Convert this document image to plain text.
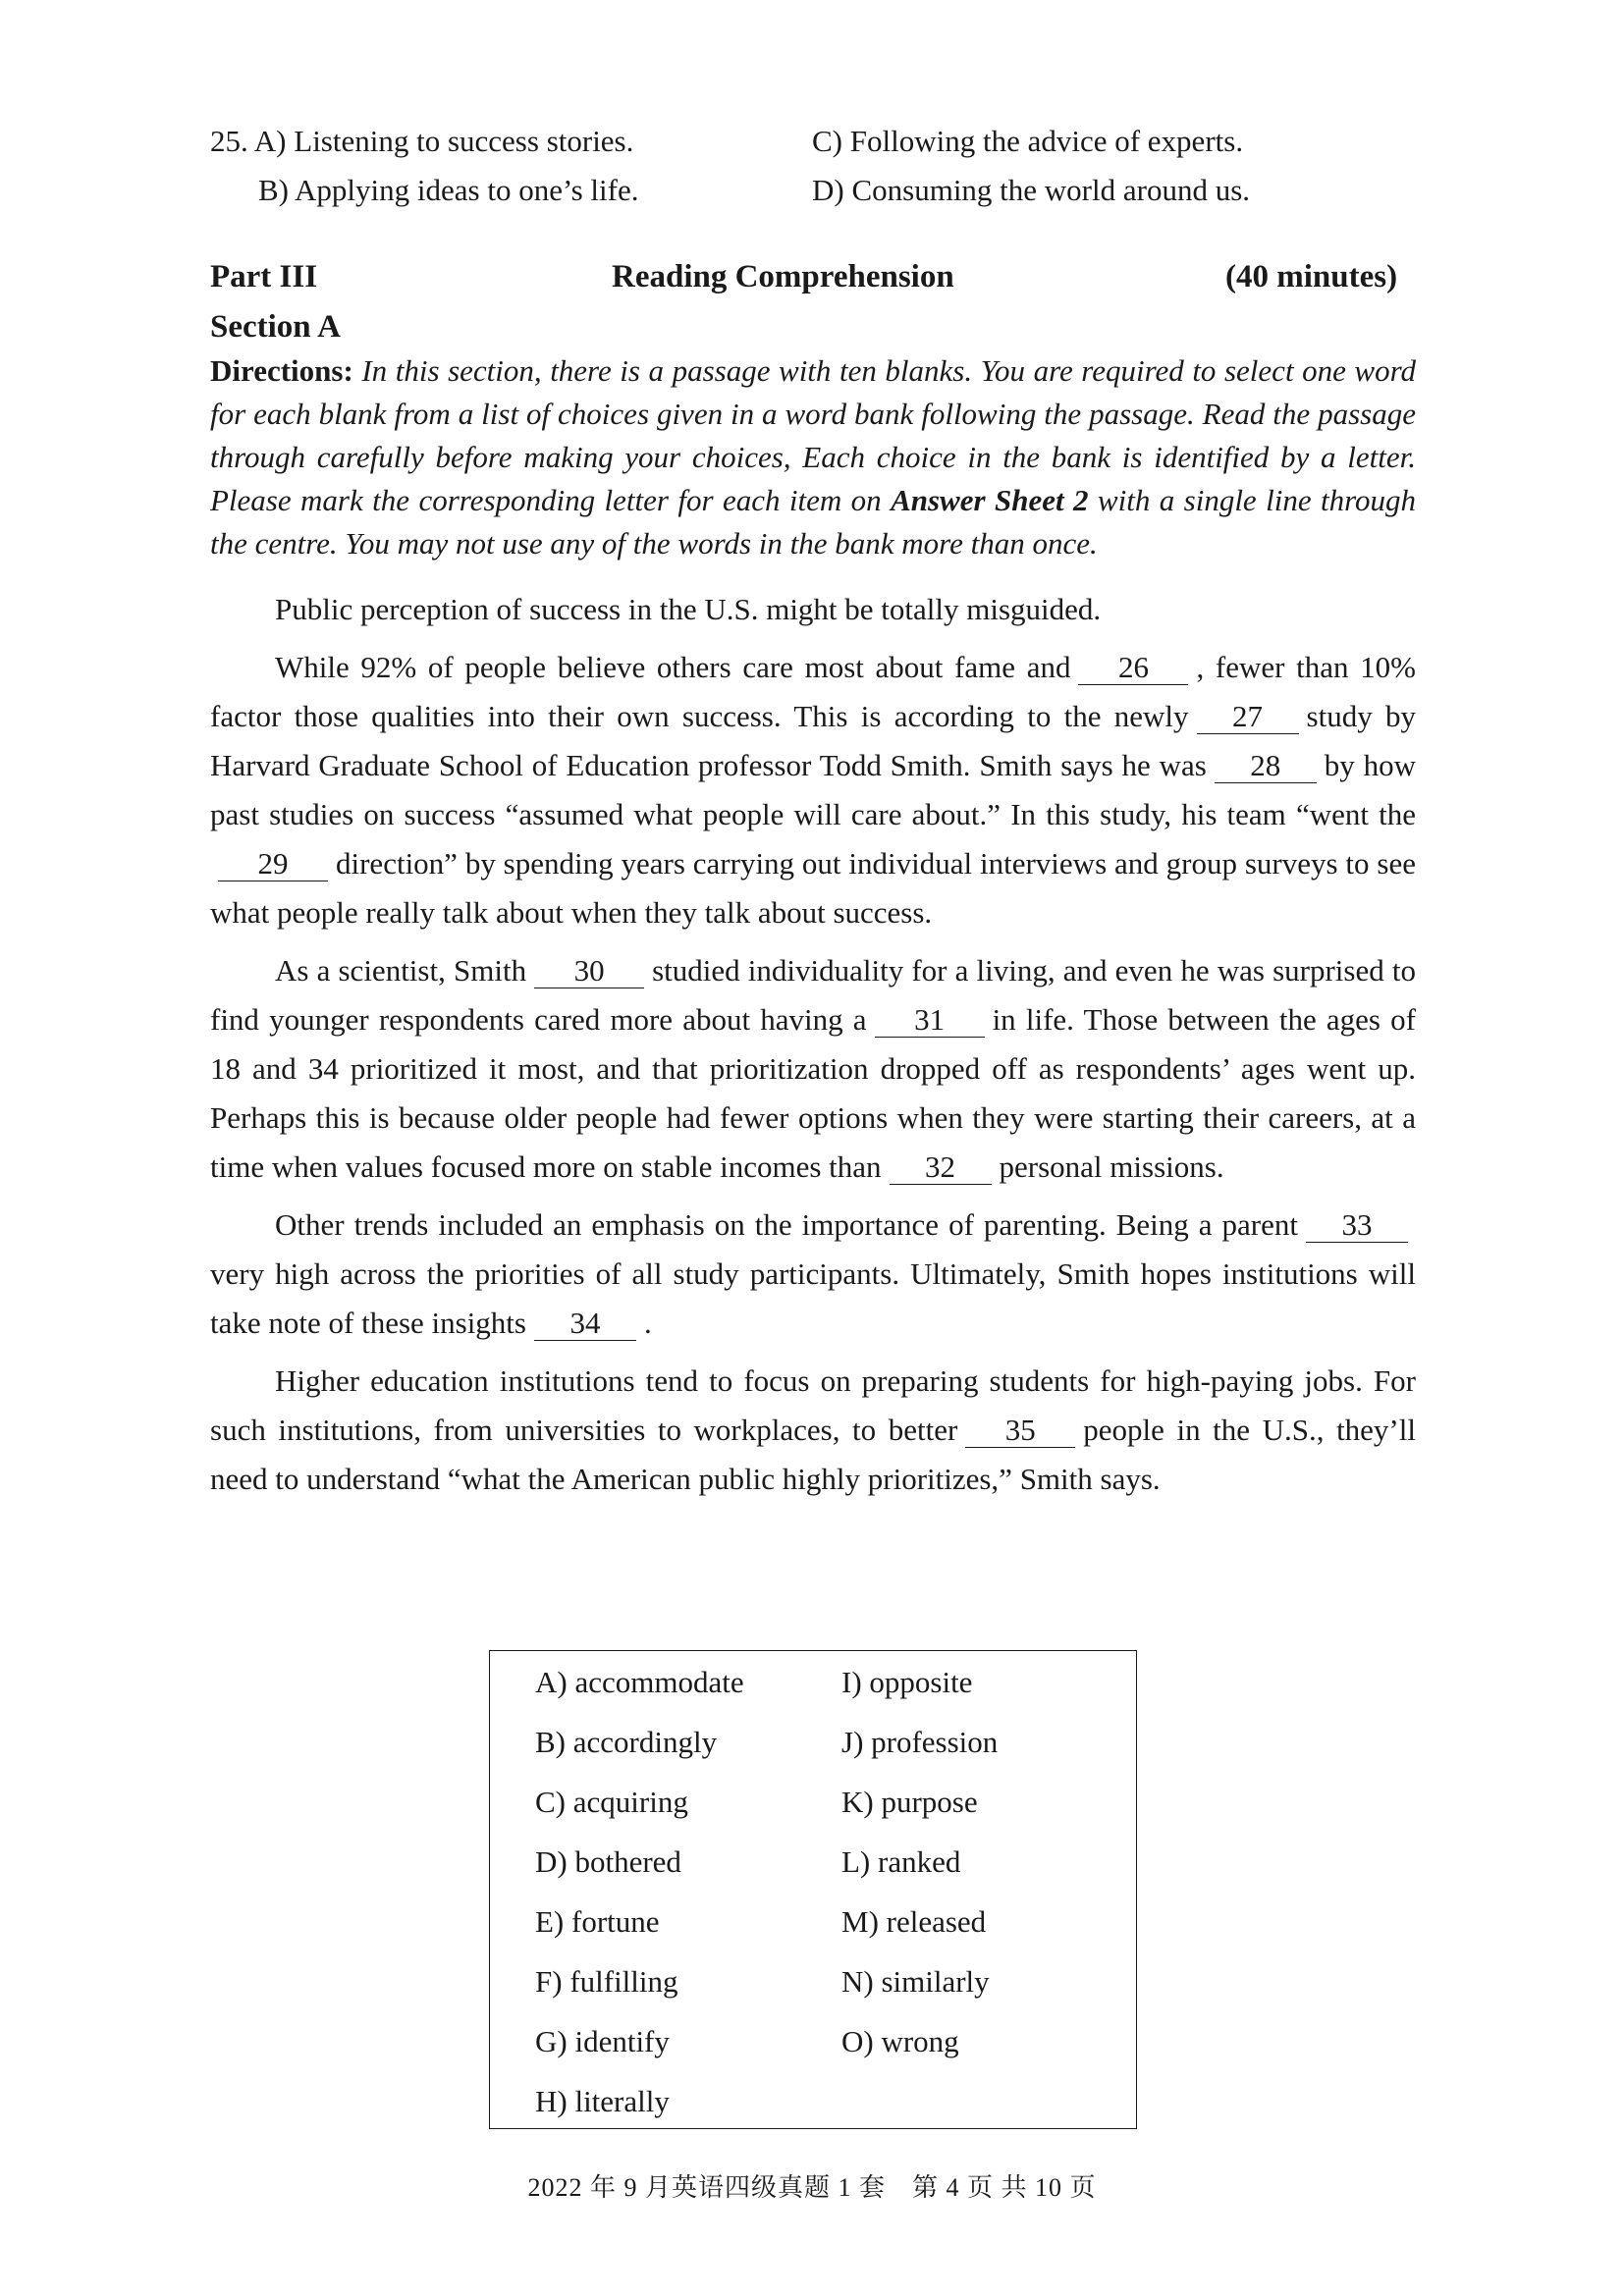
25. A) Listening to success stories.
B) Applying ideas to one’s life.
C) Following the advice of experts.
D) Consuming the world around us.
Part III	Reading Comprehension	(40 minutes)
Section A
Directions: In this section, there is a passage with ten blanks. You are required to select one word for each blank from a list of choices given in a word bank following the passage. Read the passage through carefully before making your choices, Each choice in the bank is identified by a letter. Please mark the corresponding letter for each item on Answer Sheet 2 with a single line through the centre. You may not use any of the words in the bank more than once.

Public perception of success in the U.S. might be totally misguided.

While 92% of people believe others care most about fame and 26 , fewer than 10% factor those qualities into their own success. This is according to the newly 27 study by Harvard Graduate School of Education professor Todd Smith. Smith says he was 28 by how past studies on success “assumed what people will care about.” In this study, his team “went the29 direction” by spending years carrying out individual interviews and group surveys to see what people really talk about when they talk about success.

As a scientist, Smith 30 studied individuality for a living, and even he was surprised to find younger respondents cared more about having a 31 in life. Those between the ages of 18 and 34 prioritized it most, and that prioritization dropped off as respondents’ ages went up. Perhaps this is because older people had fewer options when they were starting their careers, at a time when values focused more on stable incomes than 32 personal missions.

Other trends included an emphasis on the importance of parenting. Being a parent 33very high across the priorities of all study participants. Ultimately, Smith hopes institutions will take note of these insights 34 .

Higher education institutions tend to focus on preparing students for high-paying jobs. For such institutions, from universities to workplaces, to better 35 people in the U.S., they’ll need to understand “what the American public highly prioritizes,” Smith says.

A) accommodate
B) accordingly
C) acquiring
D) bothered
E) fortune
F) fulfilling
G) identify
H) literally
I) opposite
J) profession
K) purpose
L) ranked
M) released
N) similarly
O) wrong
2022 年 9 月英语四级真题 1 套　第 4 页 共 10 页
